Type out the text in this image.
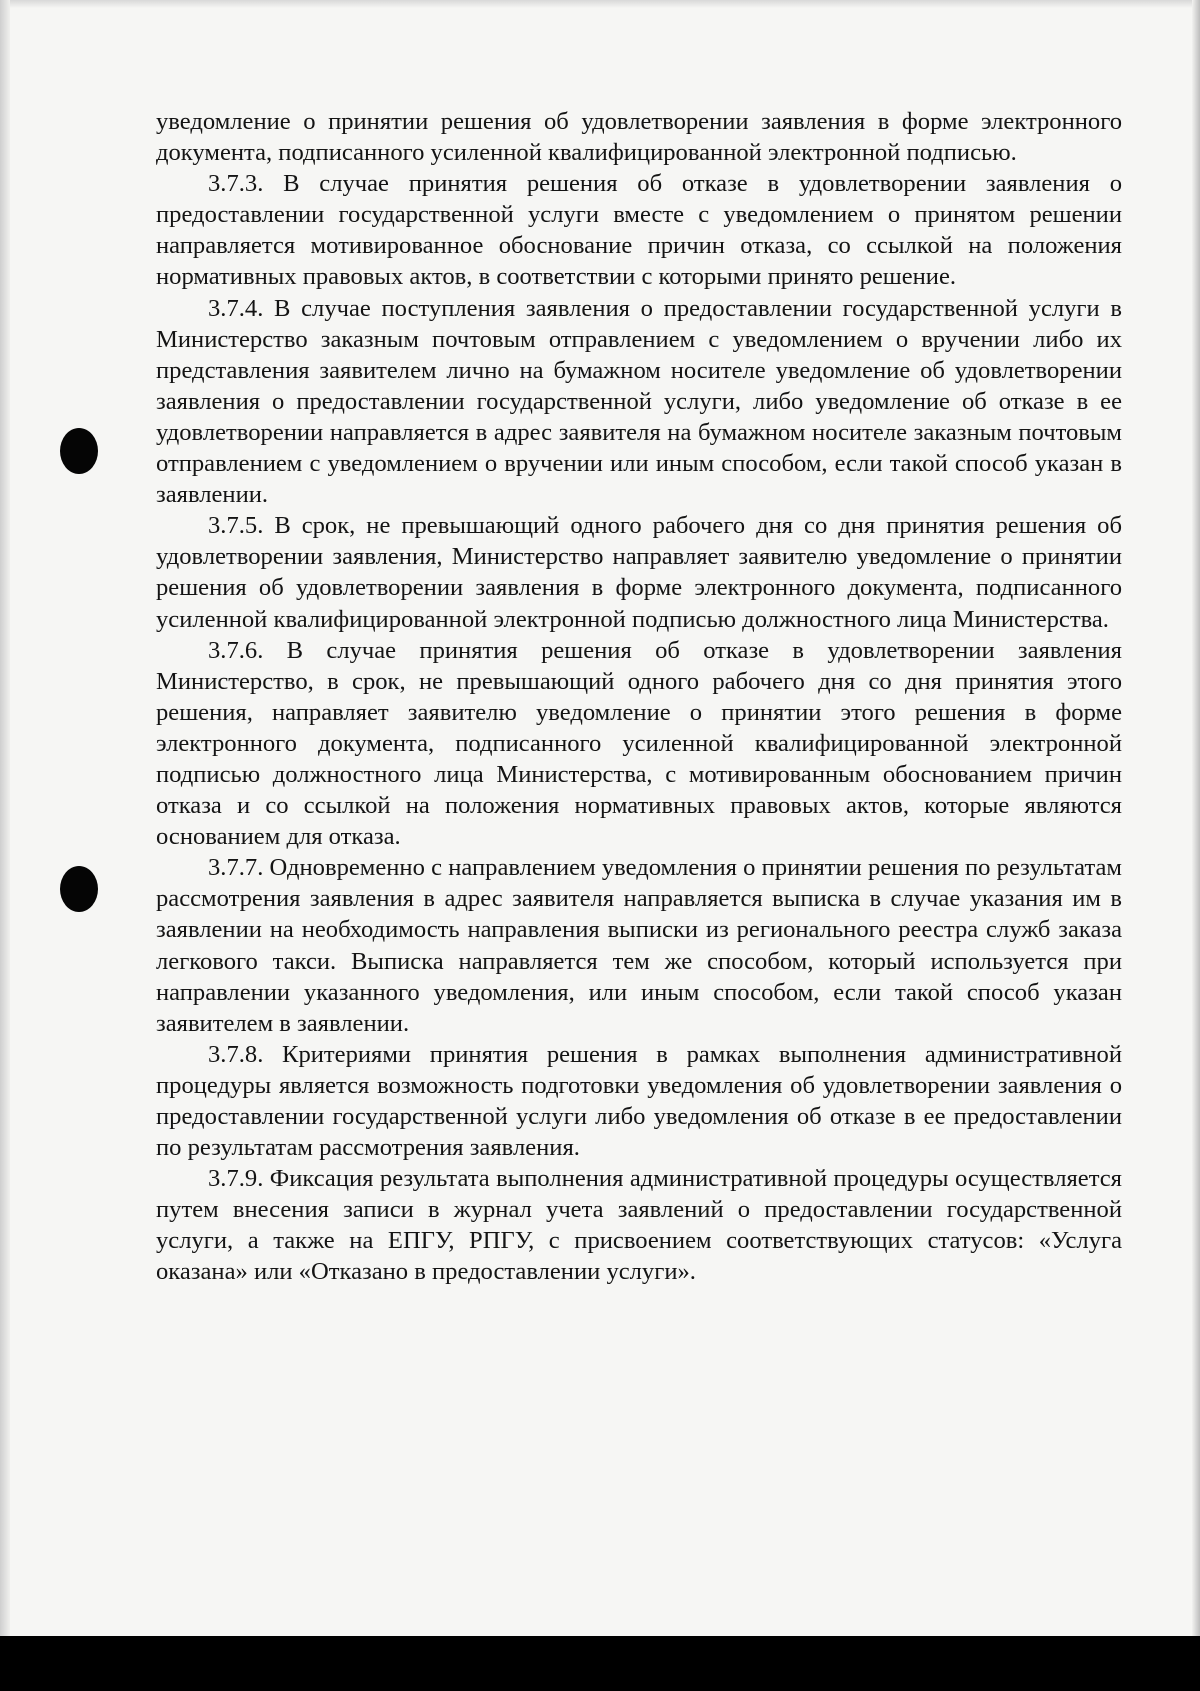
уведомление о принятии решения об удовлетворении заявления в форме электронного документа, подписанного усиленной квалифицированной электронной подписью.

3.7.3. В случае принятия решения об отказе в удовлетворении заявления о предоставлении государственной услуги вместе с уведомлением о принятом решении направляется мотивированное обоснование причин отказа, со ссылкой на положения нормативных правовых актов, в соответствии с которыми принято решение.

3.7.4. В случае поступления заявления о предоставлении государственной услуги в Министерство заказным почтовым отправлением с уведомлением о вручении либо их представления заявителем лично на бумажном носителе уведомление об удовлетворении заявления о предоставлении государственной услуги, либо уведомление об отказе в ее удовлетворении направляется в адрес заявителя на бумажном носителе заказным почтовым отправлением с уведомлением о вручении или иным способом, если такой способ указан в заявлении.

3.7.5. В срок, не превышающий одного рабочего дня со дня принятия решения об удовлетворении заявления, Министерство направляет заявителю уведомление о принятии решения об удовлетворении заявления в форме электронного документа, подписанного усиленной квалифицированной электронной подписью должностного лица Министерства.

3.7.6. В случае принятия решения об отказе в удовлетворении заявления Министерство, в срок, не превышающий одного рабочего дня со дня принятия этого решения, направляет заявителю уведомление о принятии этого решения в форме электронного документа, подписанного усиленной квалифицированной электронной подписью должностного лица Министерства, с мотивированным обоснованием причин отказа и со ссылкой на положения нормативных правовых актов, которые являются основанием для отказа.

3.7.7. Одновременно с направлением уведомления о принятии решения по результатам рассмотрения заявления в адрес заявителя направляется выписка в случае указания им в заявлении на необходимость направления выписки из регионального реестра служб заказа легкового такси. Выписка направляется тем же способом, который используется при направлении указанного уведомления, или иным способом, если такой способ указан заявителем в заявлении.

3.7.8. Критериями принятия решения в рамках выполнения административной процедуры является возможность подготовки уведомления об удовлетворении заявления о предоставлении государственной услуги либо уведомления об отказе в ее предоставлении по результатам рассмотрения заявления.

3.7.9. Фиксация результата выполнения административной процедуры осуществляется путем внесения записи в журнал учета заявлений о предоставлении государственной услуги, а также на ЕПГУ, РПГУ, с присвоением соответствующих статусов: «Услуга оказана» или «Отказано в предоставлении услуги».
